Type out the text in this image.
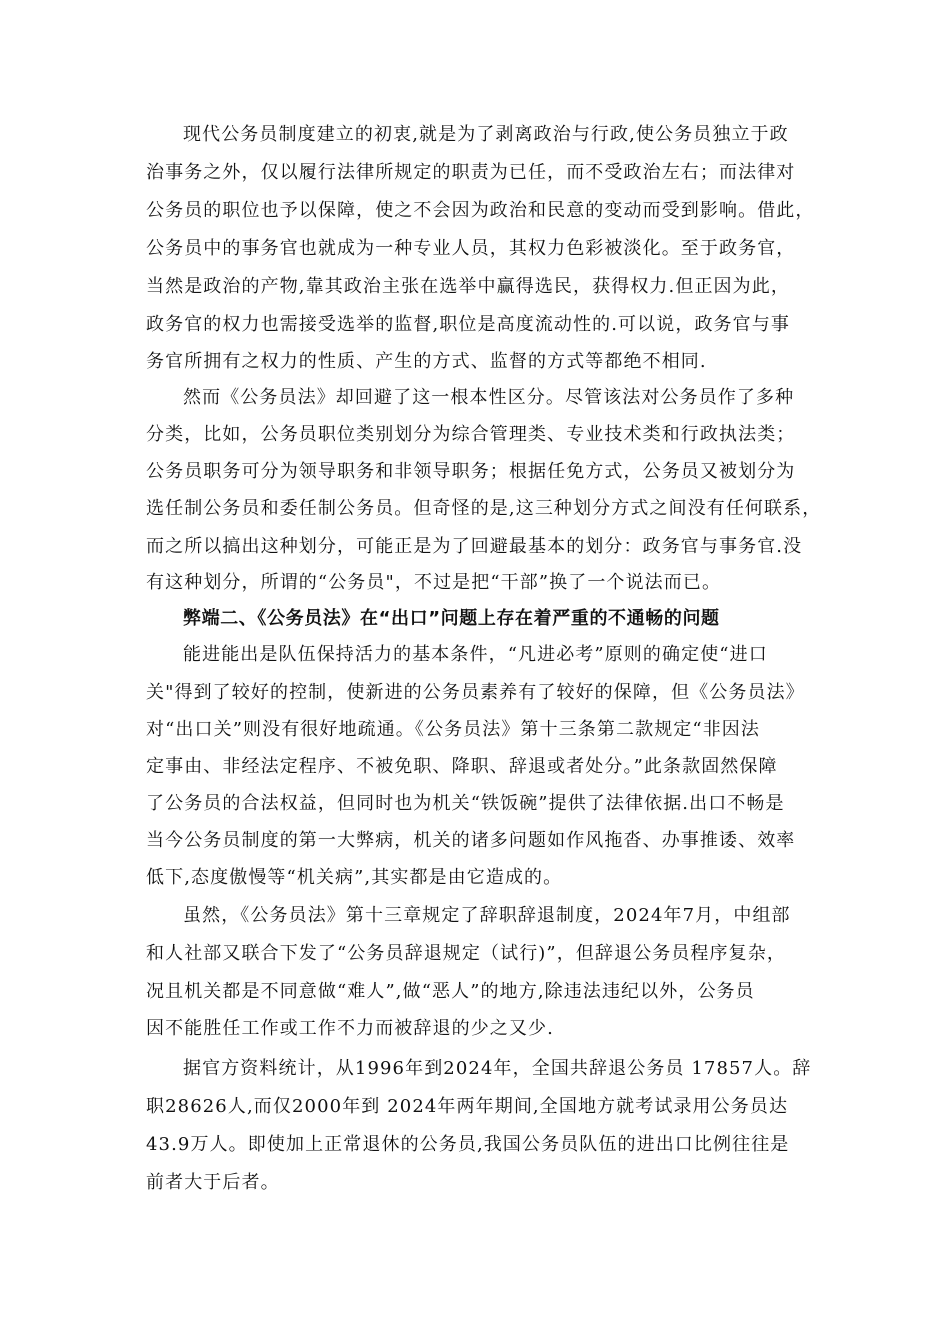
现代公务员制度建立的初衷,就是为了剥离政治与行政,使公务员独立于政
治事务之外，仅以履行法律所规定的职责为已任，而不受政治左右；而法律对
公务员的职位也予以保障，使之不会因为政治和民意的变动而受到影响。借此，
公务员中的事务官也就成为一种专业人员，其权力色彩被淡化。至于政务官，
当然是政治的产物,靠其政治主张在选举中赢得选民，获得权力.但正因为此，
政务官的权力也需接受选举的监督,职位是高度流动性的.可以说，政务官与事
务官所拥有之权力的性质、产生的方式、监督的方式等都绝不相同.
然而《公务员法》却回避了这一根本性区分。尽管该法对公务员作了多种
分类，比如，公务员职位类别划分为综合管理类、专业技术类和行政执法类；
公务员职务可分为领导职务和非领导职务；根据任免方式，公务员又被划分为
选任制公务员和委任制公务员。但奇怪的是,这三种划分方式之间没有任何联系，
而之所以搞出这种划分，可能正是为了回避最基本的划分：政务官与事务官.没
有这种划分，所谓的“公务员"，不过是把“干部”换了一个说法而已。
弊端二、《公务员法》在“出口”问题上存在着严重的不通畅的问题
能进能出是队伍保持活力的基本条件，“凡进必考”原则的确定使“进口
关"得到了较好的控制，使新进的公务员素养有了较好的保障，但《公务员法》
对“出口关”则没有很好地疏通。《公务员法》第十三条第二款规定“非因法
定事由、非经法定程序、不被免职、降职、辞退或者处分。”此条款固然保障
了公务员的合法权益，但同时也为机关“铁饭碗”提供了法律依据.出口不畅是
当今公务员制度的第一大弊病，机关的诸多问题如作风拖沓、办事推诿、效率
低下,态度傲慢等“机关病”,其实都是由它造成的。
虽然，《公务员法》第十三章规定了辞职辞退制度，2024年7月，中组部
和人社部又联合下发了“公务员辞退规定（试行)”，但辞退公务员程序复杂，
况且机关都是不同意做“难人”,做“恶人”的地方,除违法违纪以外，公务员
因不能胜任工作或工作不力而被辞退的少之又少.
据官方资料统计，从1996年到2024年，全国共辞退公务员 17857人。辞
职28626人,而仅2000年到 2024年两年期间,全国地方就考试录用公务员达
43.9万人。即使加上正常退休的公务员,我国公务员队伍的进出口比例往往是
前者大于后者。
